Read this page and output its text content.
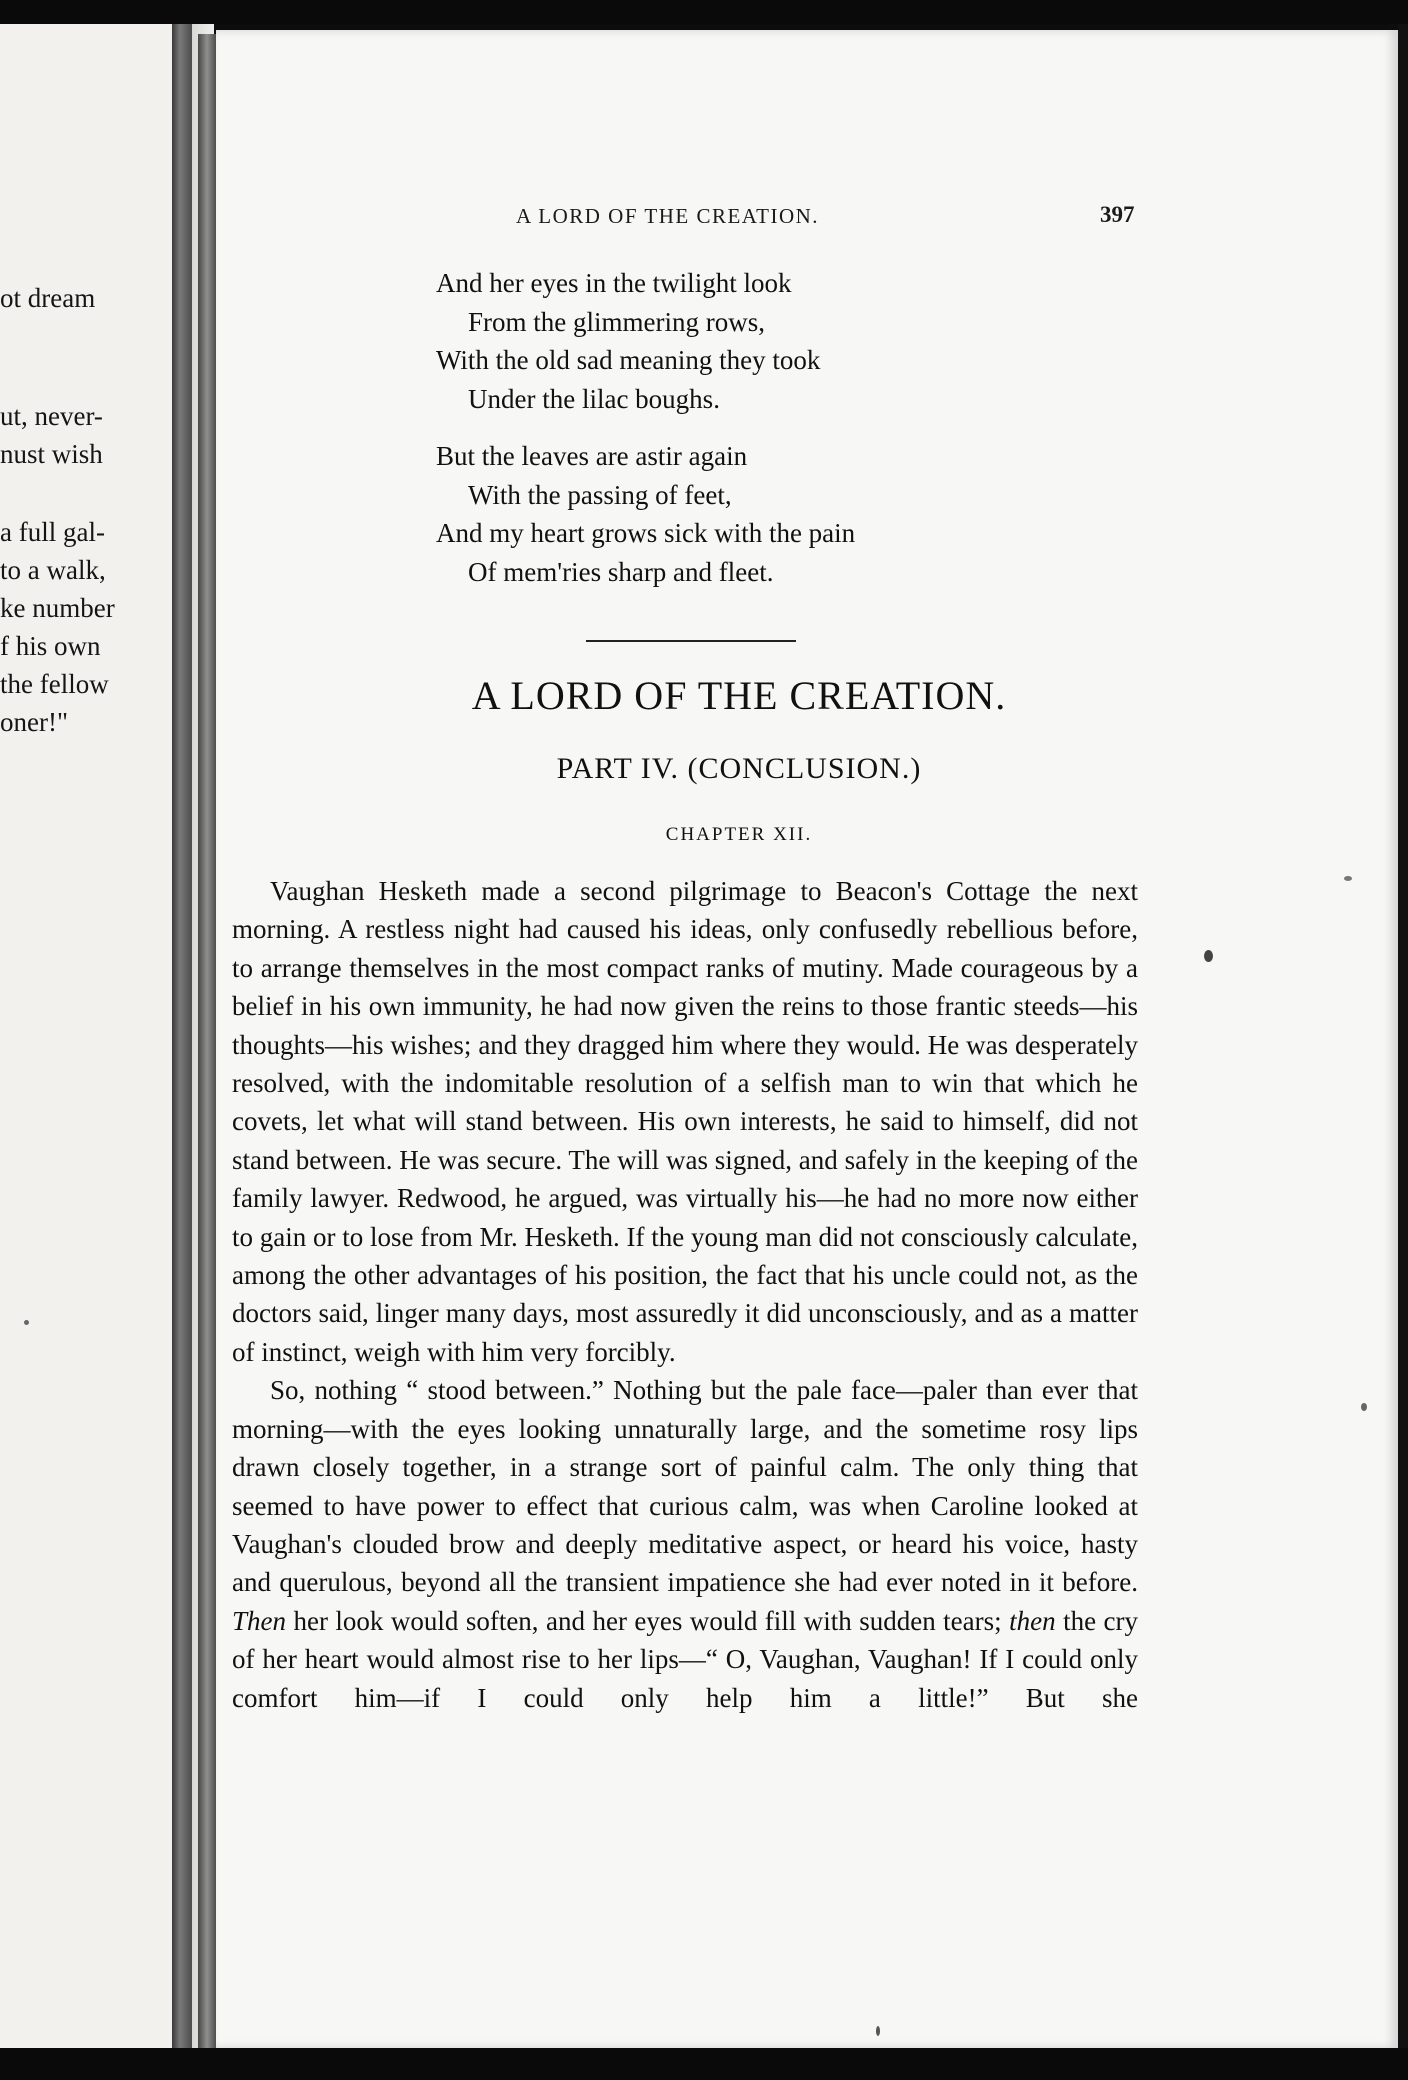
ot dream
ut, never-
nust wish
a full gal-
to a walk,
ke number
f his own
the fellow
oner!"
A LORD OF THE CREATION.	397
And her eyes in the twilight look
From the glimmering rows,
With the old sad meaning they took
Under the lilac boughs.
But the leaves are astir again
With the passing of feet,
And my heart grows sick with the pain
Of mem'ries sharp and fleet.
A LORD OF THE CREATION.
PART IV. (CONCLUSION.)
CHAPTER XII.

Vaughan Hesketh made a second pilgrimage to Beacon's Cottage the next morning. A restless night had caused his ideas, only confusedly rebellious before, to arrange themselves in the most compact ranks of mutiny. Made courageous by a belief in his own immunity, he had now given the reins to those frantic steeds—his thoughts—his wishes; and they dragged him where they would. He was desperately resolved, with the indomitable resolution of a selfish man to win that which he covets, let what will stand between. His own interests, he said to himself, did not stand between. He was secure. The will was signed, and safely in the keeping of the family lawyer. Redwood, he argued, was virtually his—he had no more now either to gain or to lose from Mr. Hesketh. If the young man did not consciously calculate, among the other advantages of his position, the fact that his uncle could not, as the doctors said, linger many days, most assuredly it did unconsciously, and as a matter of instinct, weigh with him very forcibly.

So, nothing “ stood between.” Nothing but the pale face—paler than ever that morning—with the eyes looking unnaturally large, and the sometime rosy lips drawn closely together, in a strange sort of painful calm. The only thing that seemed to have power to effect that curious calm, was when Caroline looked at Vaughan's clouded brow and deeply meditative aspect, or heard his voice, hasty and querulous, beyond all the transient impatience she had ever noted in it before. Then her look would soften, and her eyes would fill with sudden tears; then the cry of her heart would almost rise to her lips—“ O, Vaughan, Vaughan! If I could only comfort him—if I could only help him a little!” But she
